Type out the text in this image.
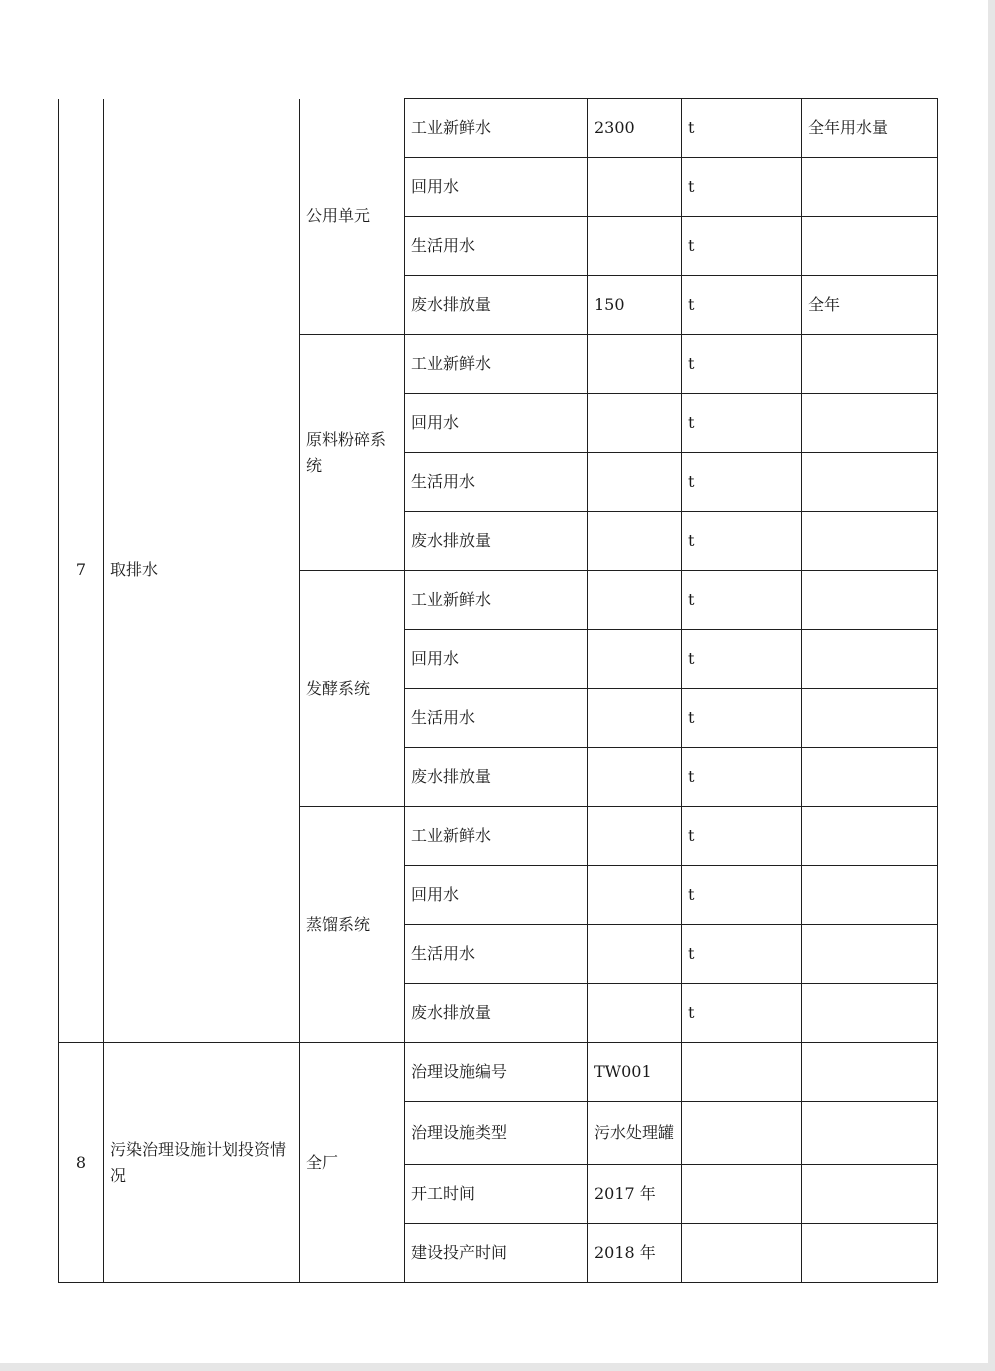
7	取排水	公用单元	工业新鲜水	2300	t	全年用水量
			回用水		t	
			生活用水		t	
			废水排放量	150	t	全年
		原料粉碎系统	工业新鲜水		t	
			回用水		t	
			生活用水		t	
			废水排放量		t	
		发酵系统	工业新鲜水		t	
			回用水		t	
			生活用水		t	
			废水排放量		t	
		蒸馏系统	工业新鲜水		t	
			回用水		t	
			生活用水		t	
			废水排放量		t	
8	污染治理设施计划投资情况	全厂	治理设施编号	TW001		
			治理设施类型	污水处理罐		
			开工时间	2017 年		
			建设投产时间	2018 年		
